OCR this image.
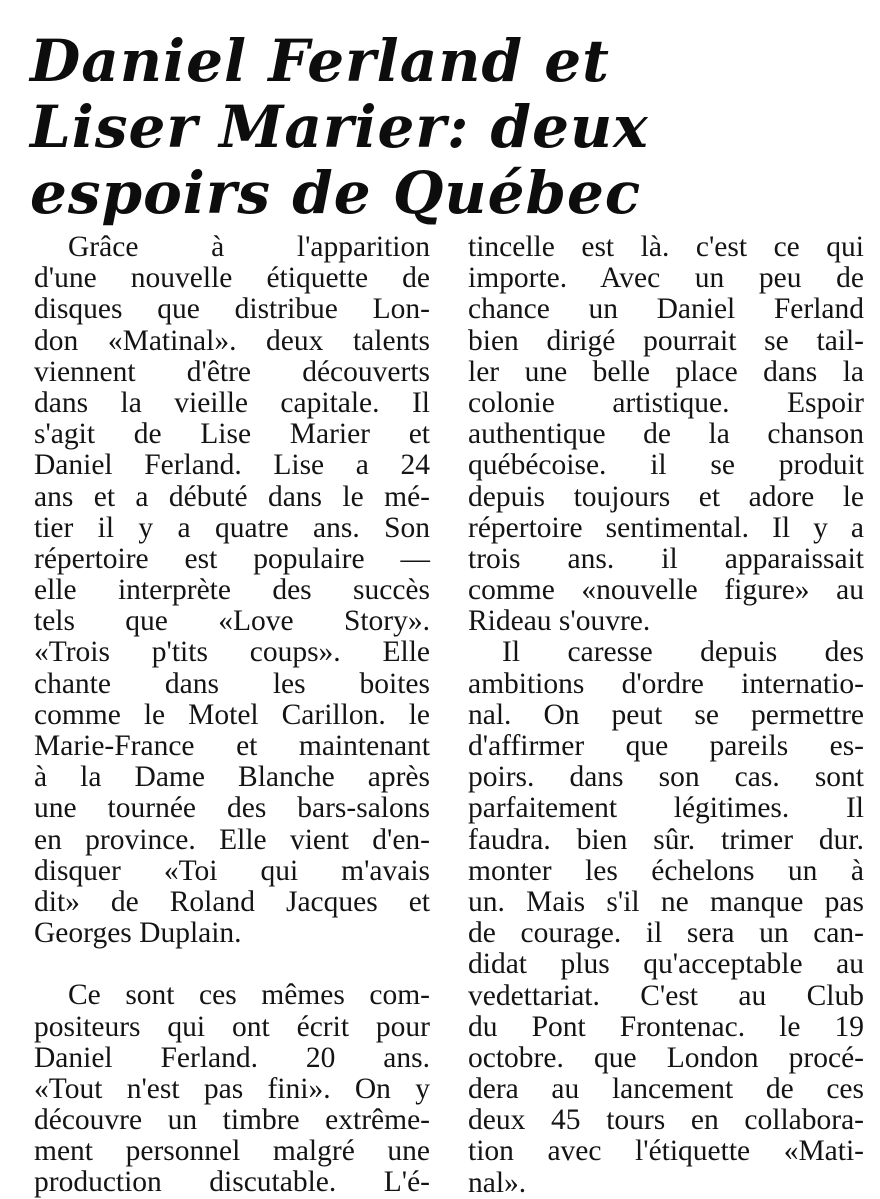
Daniel Ferland et
Liser Marier: deux
espoirs de Québec
Grâce à l'apparition
d'une nouvelle étiquette de
disques que distribue Lon-
don «Matinal». deux talents
viennent d'être découverts
dans la vieille capitale. Il
s'agit de Lise Marier et
Daniel Ferland. Lise a 24
ans et a débuté dans le mé-
tier il y a quatre ans. Son
répertoire est populaire —
elle interprète des succès
tels que «Love Story».
«Trois p'tits coups». Elle
chante dans les boites
comme le Motel Carillon. le
Marie-France et maintenant
à la Dame Blanche après
une tournée des bars-salons
en province. Elle vient d'en-
disquer «Toi qui m'avais
dit» de Roland Jacques et
Georges Duplain.
Ce sont ces mêmes com-
positeurs qui ont écrit pour
Daniel Ferland. 20 ans.
«Tout n'est pas fini». On y
découvre un timbre extrême-
ment personnel malgré une
production discutable. L'é-
tincelle est là. c'est ce qui
importe. Avec un peu de
chance un Daniel Ferland
bien dirigé pourrait se tail-
ler une belle place dans la
colonie artistique. Espoir
authentique de la chanson
québécoise. il se produit
depuis toujours et adore le
répertoire sentimental. Il y a
trois ans. il apparaissait
comme «nouvelle figure» au
Rideau s'ouvre.
Il caresse depuis des
ambitions d'ordre internatio-
nal. On peut se permettre
d'affirmer que pareils es-
poirs. dans son cas. sont
parfaitement légitimes. Il
faudra. bien sûr. trimer dur.
monter les échelons un à
un. Mais s'il ne manque pas
de courage. il sera un can-
didat plus qu'acceptable au
vedettariat. C'est au Club
du Pont Frontenac. le 19
octobre. que London procé-
dera au lancement de ces
deux 45 tours en collabora-
tion avec l'étiquette «Mati-
nal».
